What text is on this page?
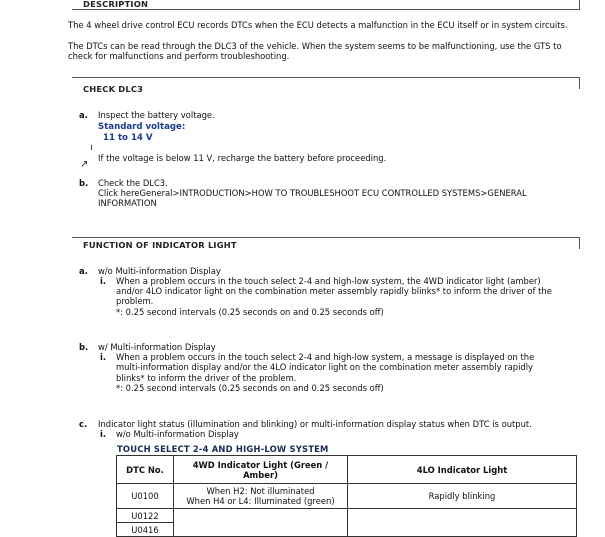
DESCRIPTION
The 4 wheel drive control ECU records DTCs when the ECU detects a malfunction in the ECU itself or in system circuits.
The DTCs can be read through the DLC3 of the vehicle. When the system seems to be malfunctioning, use the GTS to check for malfunctions and perform troubleshooting.
CHECK DLC3
a. Inspect the battery voltage.
Standard voltage:
11 to 14 V
If the voltage is below 11 V, recharge the battery before proceeding.
↗
b. Check the DLC3.
Click hereGeneral>INTRODUCTION>HOW TO TROUBLESHOOT ECU CONTROLLED SYSTEMS>GENERAL
INFORMATION
FUNCTION OF INDICATOR LIGHT
a. w/o Multi-information Display
i. When a problem occurs in the touch select 2-4 and high-low system, the 4WD indicator light (amber)
and/or 4LO indicator light on the combination meter assembly rapidly blinks* to inform the driver of the
problem.
*: 0.25 second intervals (0.25 seconds on and 0.25 seconds off)
b. w/ Multi-information Display
i. When a problem occurs in the touch select 2-4 and high-low system, a message is displayed on the
multi-information display and/or the 4LO indicator light on the combination meter assembly rapidly
blinks* to inform the driver of the problem.
*: 0.25 second intervals (0.25 seconds on and 0.25 seconds off)
c. Indicator light status (illumination and blinking) or multi-information display status when DTC is output.
i. w/o Multi-information Display
TOUCH SELECT 2-4 AND HIGH-LOW SYSTEM
DTC No.	4WD Indicator Light (Green /
Amber)	4LO Indicator Light
U0100	When H2: Not illuminated
When H4 or L4: Illuminated (green)	Rapidly blinking
U0122		
U0416		
